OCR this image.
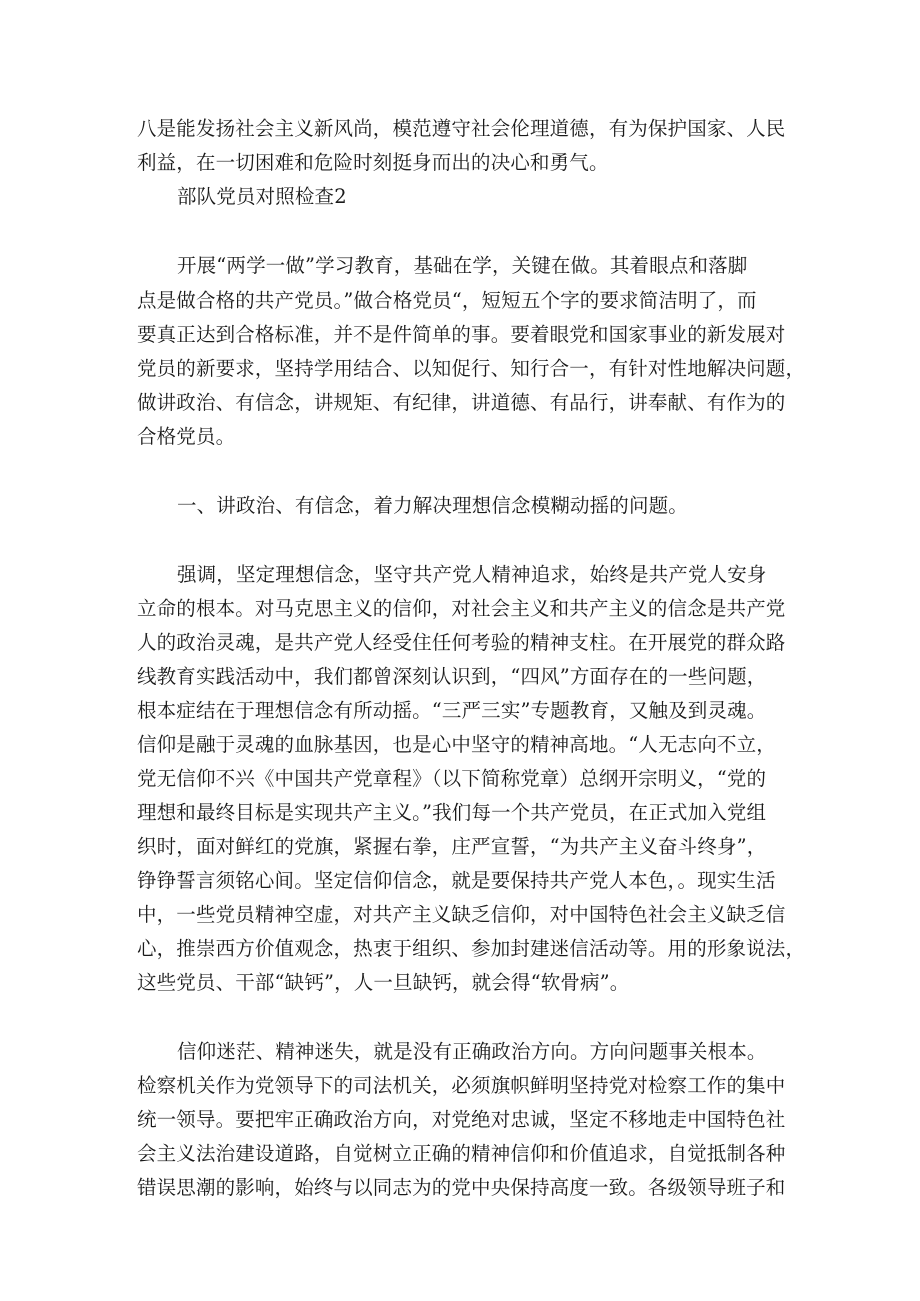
八是能发扬社会主义新风尚，模范遵守社会伦理道德，有为保护国家、人民
利益，在一切困难和危险时刻挺身而出的决心和勇气。
部队党员对照检查2
开展“两学一做”学习教育，基础在学，关键在做。其着眼点和落脚
点是做合格的共产党员。”做合格党员“，短短五个字的要求简洁明了，而
要真正达到合格标准，并不是件简单的事。要着眼党和国家事业的新发展对
党员的新要求，坚持学用结合、以知促行、知行合一，有针对性地解决问题，
做讲政治、有信念，讲规矩、有纪律，讲道德、有品行，讲奉献、有作为的
合格党员。
一、讲政治、有信念，着力解决理想信念模糊动摇的问题。
强调，坚定理想信念，坚守共产党人精神追求，始终是共产党人安身
立命的根本。对马克思主义的信仰，对社会主义和共产主义的信念是共产党
人的政治灵魂，是共产党人经受住任何考验的精神支柱。在开展党的群众路
线教育实践活动中，我们都曾深刻认识到，“四风”方面存在的一些问题，
根本症结在于理想信念有所动摇。“三严三实”专题教育，又触及到灵魂。
信仰是融于灵魂的血脉基因，也是心中坚守的精神高地。“人无志向不立，
党无信仰不兴《中国共产党章程》（以下简称党章）总纲开宗明义，“党的
理想和最终目标是实现共产主义。”我们每一个共产党员，在正式加入党组
织时，面对鲜红的党旗，紧握右拳，庄严宣誓，“为共产主义奋斗终身”，
铮铮誓言须铭心间。坚定信仰信念，就是要保持共产党人本色，。现实生活
中，一些党员精神空虚，对共产主义缺乏信仰，对中国特色社会主义缺乏信
心，推崇西方价值观念，热衷于组织、参加封建迷信活动等。用的形象说法，
这些党员、干部“缺钙”，人一旦缺钙，就会得“软骨病”。
信仰迷茫、精神迷失，就是没有正确政治方向。方向问题事关根本。
检察机关作为党领导下的司法机关，必须旗帜鲜明坚持党对检察工作的集中
统一领导。要把牢正确政治方向，对党绝对忠诚，坚定不移地走中国特色社
会主义法治建设道路，自觉树立正确的精神信仰和价值追求，自觉抵制各种
错误思潮的影响，始终与以同志为的党中央保持高度一致。各级领导班子和
